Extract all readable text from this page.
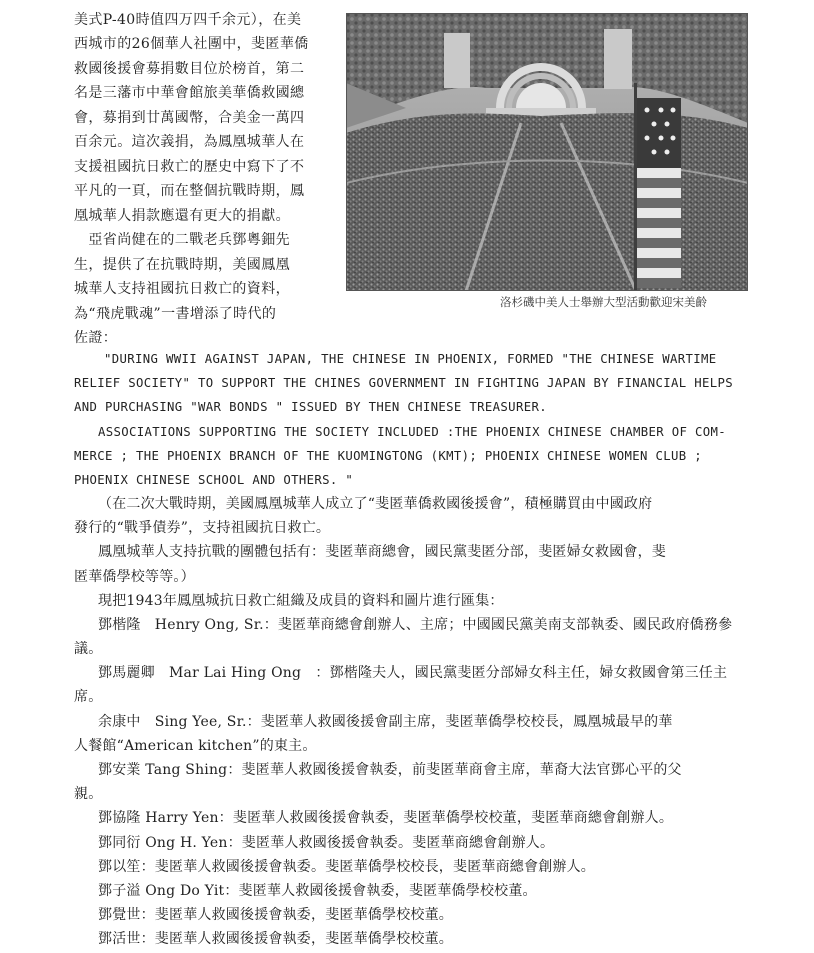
美式P-40時值四万四千余元），在美
西城市的26個華人社團中，斐匿華僑
救國後援會募捐數目位於榜首，第二
名是三藩市中華會館旅美華僑救國總
會，募捐到廿萬國幣，合美金一萬四
百余元。這次義捐，為鳳凰城華人在
支援祖國抗日救亡的歷史中寫下了不
平凡的一頁，而在整個抗戰時期，鳳
凰城華人捐款應還有更大的捐獻。
　亞省尚健在的二戰老兵鄧粵鈿先
生，提供了在抗戰時期，美國鳳凰
城華人支持祖國抗日救亡的資料，
為“飛虎戰魂”一書增添了時代的
佐證：
洛杉磯中美人士舉辦大型活動歡迎宋美齡
"DURING WWII AGAINST JAPAN, THE CHINESE IN PHOENIX, FORMED "THE CHINESE WARTIME
RELIEF SOCIETY" TO SUPPORT THE CHINES GOVERNMENT IN FIGHTING JAPAN BY FINANCIAL HELPS
AND PURCHASING "WAR BONDS " ISSUED BY THEN CHINESE TREASURER.
ASSOCIATIONS SUPPORTING THE SOCIETY INCLUDED :THE PHOENIX CHINESE CHAMBER OF COM-
MERCE ; THE PHOENIX BRANCH OF THE KUOMINGTONG (KMT); PHOENIX CHINESE WOMEN CLUB ;
PHOENIX CHINESE SCHOOL AND OTHERS. "
（在二次大戰時期，美國鳳凰城華人成立了“斐匿華僑救國後援會”，積極購買由中國政府
發行的“戰爭債券”，支持祖國抗日救亡。
鳳凰城華人支持抗戰的團體包括有：斐匿華商總會，國民黨斐匿分部，斐匿婦女救國會，斐
匿華僑學校等等。）
現把1943年鳳凰城抗日救亡組織及成員的資料和圖片進行匯集：
鄧楷隆　Henry Ong, Sr.：斐匿華商總會創辦人、主席；中國國民黨美南支部執委、國民政府僑務參
議。
鄧馬麗卿　Mar Lai Hing Ong　：鄧楷隆夫人，國民黨斐匿分部婦女科主任，婦女救國會第三任主
席。
余康中　Sing Yee, Sr.：斐匿華人救國後援會副主席，斐匿華僑學校校長，鳳凰城最早的華
人餐館“American kitchen”的東主。
鄧安業 Tang Shing：斐匿華人救國後援會執委，前斐匿華商會主席，華裔大法官鄧心平的父
親。
鄧協隆 Harry Yen：斐匿華人救國後援會執委，斐匿華僑學校校董，斐匿華商總會創辦人。
鄧同衍 Ong H. Yen：斐匿華人救國後援會執委。斐匿華商總會創辦人。
鄧以笙：斐匿華人救國後援會執委。斐匿華僑學校校長，斐匿華商總會創辦人。
鄧子溢 Ong Do Yit：斐匿華人救國後援會執委，斐匿華僑學校校董。
鄧覺世：斐匿華人救國後援會執委，斐匿華僑學校校董。
鄧活世：斐匿華人救國後援會執委，斐匿華僑學校校董。
